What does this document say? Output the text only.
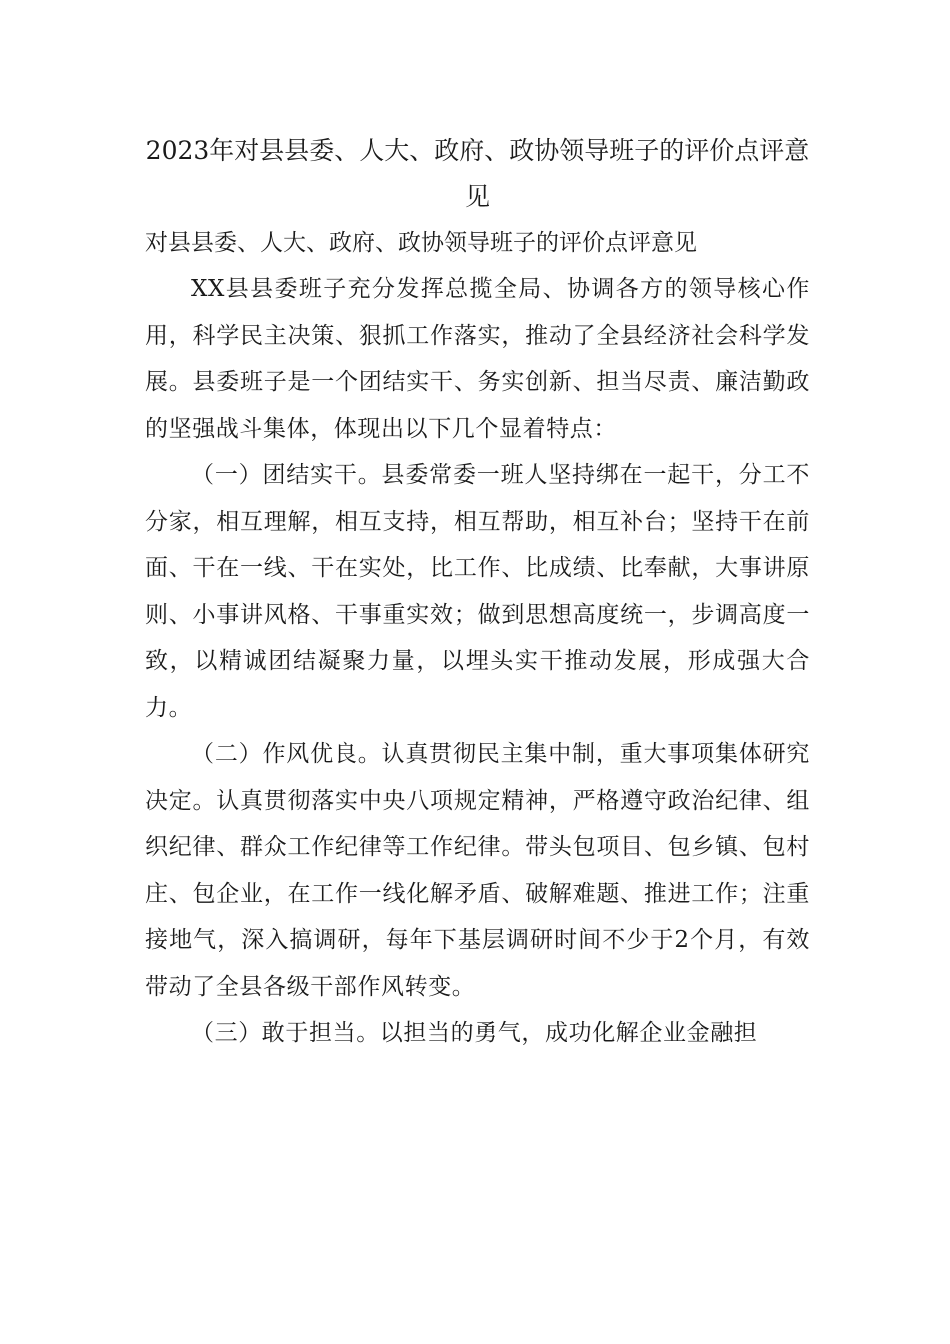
2023年对县县委、人大、政府、政协领导班子的评价点评意见

对县县委、人大、政府、政协领导班子的评价点评意见

XX县县委班子充分发挥总揽全局、协调各方的领导核心作用，科学民主决策、狠抓工作落实，推动了全县经济社会科学发展。县委班子是一个团结实干、务实创新、担当尽责、廉洁勤政的坚强战斗集体，体现出以下几个显着特点：

（一）团结实干。县委常委一班人坚持绑在一起干，分工不分家，相互理解，相互支持，相互帮助，相互补台；坚持干在前面、干在一线、干在实处，比工作、比成绩、比奉献，大事讲原则、小事讲风格、干事重实效；做到思想高度统一，步调高度一致，以精诚团结凝聚力量，以埋头实干推动发展，形成强大合力。

（二）作风优良。认真贯彻民主集中制，重大事项集体研究决定。认真贯彻落实中央八项规定精神，严格遵守政治纪律、组织纪律、群众工作纪律等工作纪律。带头包项目、包乡镇、包村庄、包企业，在工作一线化解矛盾、破解难题、推进工作；注重接地气，深入搞调研，每年下基层调研时间不少于2个月，有效带动了全县各级干部作风转变。

（三）敢于担当。以担当的勇气，成功化解企业金融担
